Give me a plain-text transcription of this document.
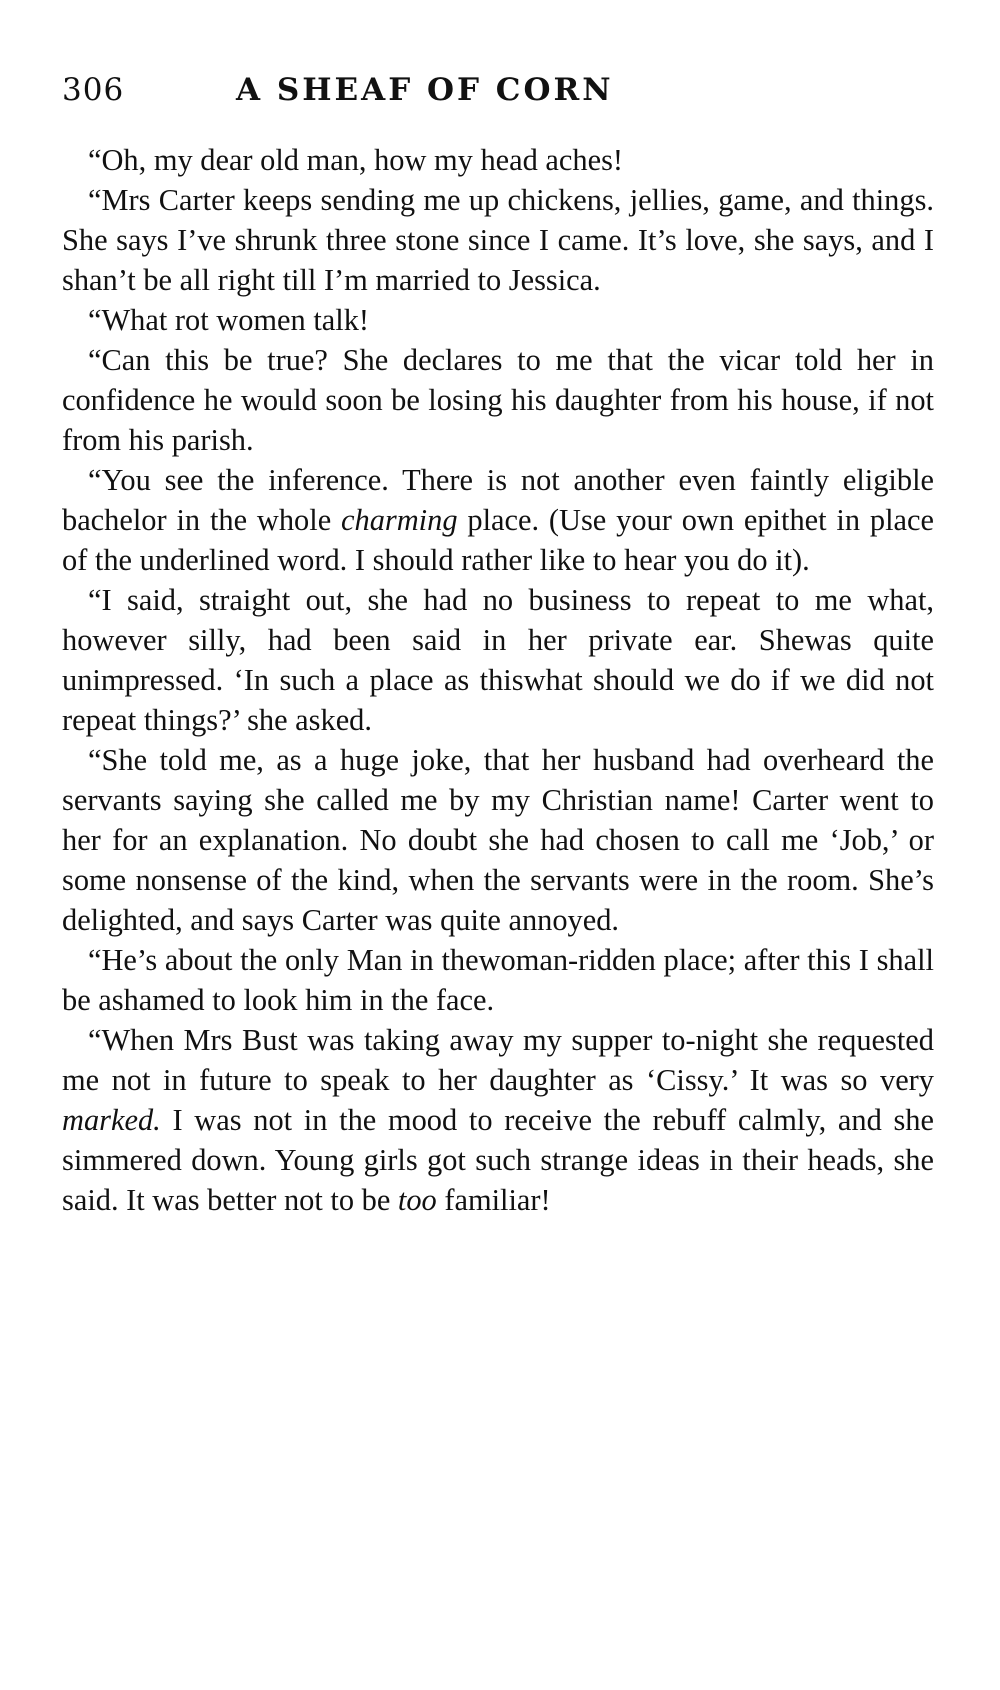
306	A SHEAF OF CORN
“Oh, my dear old man, how my head aches!
“Mrs Carter keeps sending me up chickens, jellies, game, and things. She says I’ve shrunk three stone since I came. It’s love, she says, and I shan’t be all right till I’m married to Jessica.
“What rot women talk!
“Can this be true? She declares to me that the vicar told her in confidence he would soon be losing his daughter from his house, if not from his parish.
“You see the inference. There is not another even faintly eligible bachelor in the whole charming place. (Use your own epithet in place of the underlined word. I should rather like to hear you do it).
“I said, straight out, she had no business to repeat to me what, however silly, had been said in her private ear. Shewas quite unimpressed. ‘In such a place as thiswhat should we do if we did not repeat things?’ she asked.
“She told me, as a huge joke, that her husband had overheard the servants saying she called me by my Christian name! Carter went to her for an explanation. No doubt she had chosen to call me ‘Job,’ or some nonsense of the kind, when the servants were in the room. She’s delighted, and says Carter was quite annoyed.
“He’s about the only Man in thewoman-ridden place; after this I shall be ashamed to look him in the face.
“When Mrs Bust was taking away my supper to-night she requested me not in future to speak to her daughter as ‘Cissy.’ It was so very marked. I was not in the mood to receive the rebuff calmly, and she simmered down. Young girls got such strange ideas in their heads, she said. It was better not to be too familiar!
